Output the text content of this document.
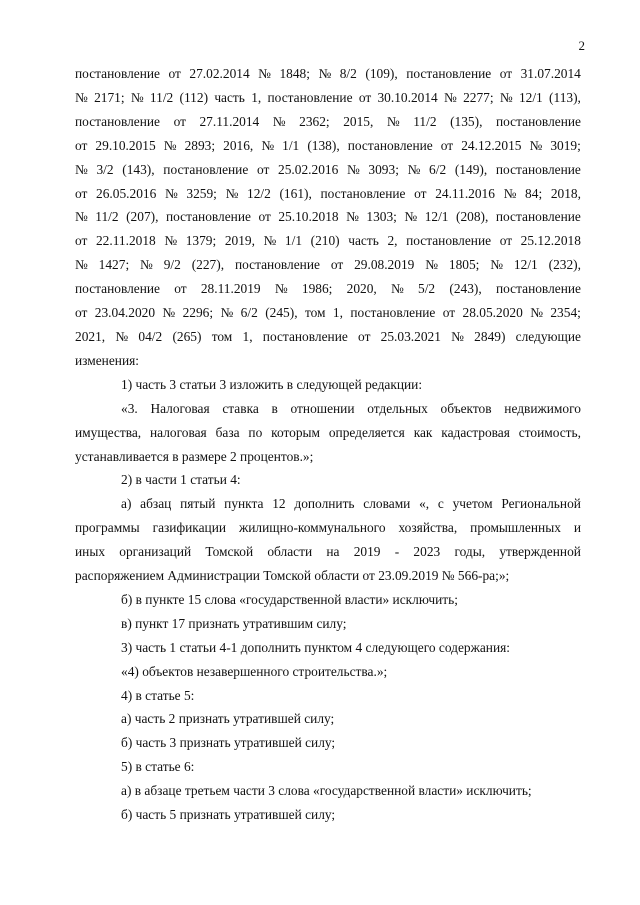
2
постановление от 27.02.2014 № 1848; № 8/2 (109), постановление от 31.07.2014
№ 2171; № 11/2 (112) часть 1, постановление от 30.10.2014 № 2277; № 12/1 (113),
постановление от 27.11.2014 № 2362; 2015, № 11/2 (135), постановление
от 29.10.2015 № 2893; 2016, № 1/1 (138), постановление от 24.12.2015 № 3019;
№ 3/2 (143), постановление от 25.02.2016 № 3093; № 6/2 (149), постановление
от 26.05.2016 № 3259; № 12/2 (161), постановление от 24.11.2016 № 84; 2018,
№ 11/2 (207), постановление от 25.10.2018 № 1303; № 12/1 (208), постановление
от 22.11.2018 № 1379; 2019, № 1/1 (210) часть 2, постановление от 25.12.2018
№ 1427; № 9/2 (227), постановление от 29.08.2019 № 1805; № 12/1 (232),
постановление от 28.11.2019 № 1986; 2020, № 5/2 (243), постановление
от 23.04.2020 № 2296; № 6/2 (245), том 1, постановление от 28.05.2020 № 2354;
2021, № 04/2 (265) том 1, постановление от 25.03.2021 № 2849) следующие
изменения:
1) часть 3 статьи 3 изложить в следующей редакции:
«3. Налоговая ставка в отношении отдельных объектов недвижимого
имущества, налоговая база по которым определяется как кадастровая стоимость,
устанавливается в размере 2 процентов.»;
2) в части 1 статьи 4:
а) абзац пятый пункта 12 дополнить словами «, с учетом Региональной
программы газификации жилищно-коммунального хозяйства, промышленных и
иных организаций Томской области на 2019 - 2023 годы, утвержденной
распоряжением Администрации Томской области от 23.09.2019 № 566-ра;»;
б) в пункте 15 слова «государственной власти» исключить;
в) пункт 17 признать утратившим силу;
3) часть 1 статьи 4-1 дополнить пунктом 4 следующего содержания:
«4) объектов незавершенного строительства.»;
4) в статье 5:
а) часть 2 признать утратившей силу;
б) часть 3 признать утратившей силу;
5) в статье 6:
а) в абзаце третьем части 3 слова «государственной власти» исключить;
б) часть 5 признать утратившей силу;
